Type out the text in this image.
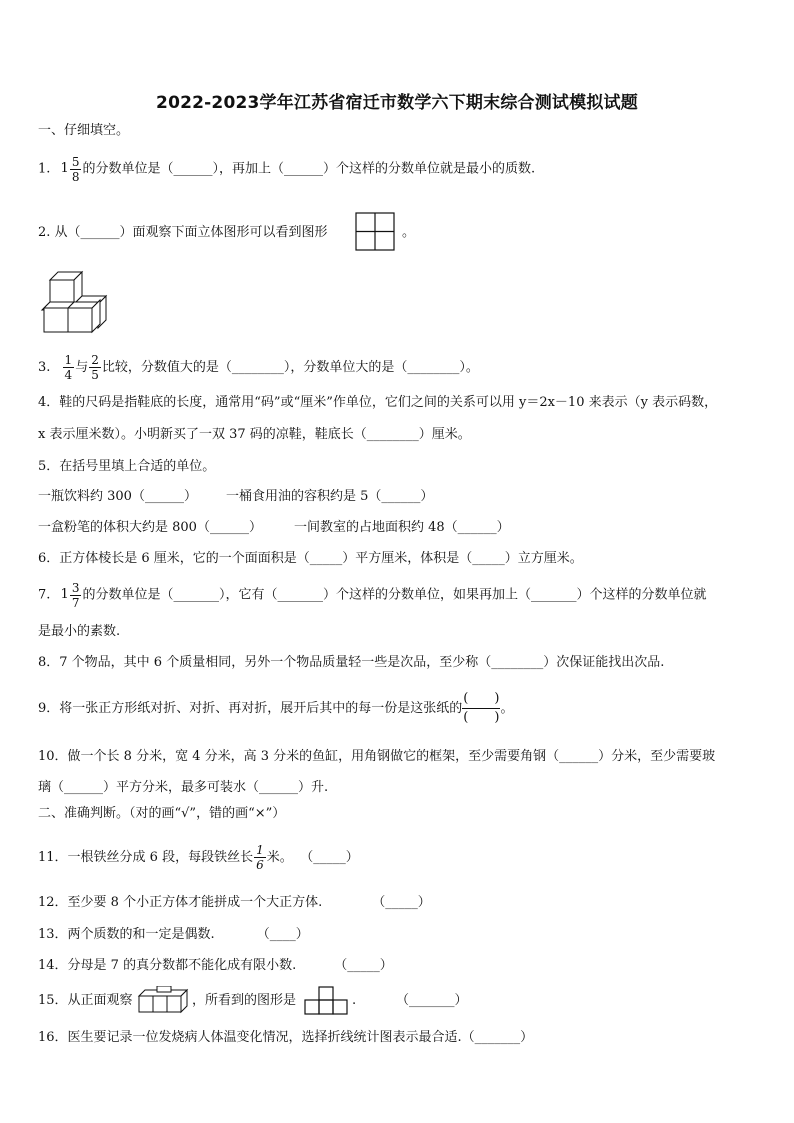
2022-2023学年江苏省宿迁市数学六下期末综合测试模拟试题
一、仔细填空。
1. $1 \frac{5}{8}$ 的分数单位是（______），再加上（______）个这样的分数单位就是最小的质数.
2. 从（______）面观察下面立体图形可以看到图形	。
3. $\frac{1}{4}$ 与 $\frac{2}{5}$ 比较，分数值大的是（________），分数单位大的是（________）。
4．鞋的尺码是指鞋底的长度，通常用“码”或“厘米”作单位，它们之间的关系可以用 y＝2x－10 来表示（y 表示码数，
x 表示厘米数）。小明新买了一双 37 码的凉鞋，鞋底长（________）厘米。
5．在括号里填上合适的单位。
一瓶饮料约 300（______） 一桶食用油的容积约是 5（______）
一盒粉笔的体积大约是 800（______） 一间教室的占地面积约 48（______）
6．正方体棱长是 6 厘米，它的一个面面积是（_____）平方厘米，体积是（_____）立方厘米。
7. $1 \frac{3}{7}$ 的分数单位是（_______），它有（_______）个这样的分数单位，如果再加上（_______）个这样的分数单位就
是最小的素数.
8．7 个物品，其中 6 个质量相同，另外一个物品质量轻一些是次品，至少称（________）次保证能找出次品.
9．将一张正方形纸对折、对折、再对折，展开后其中的每一份是这张纸的 $\frac{( )}{( )}$ 。
10．做一个长 8 分米，宽 4 分米，高 3 分米的鱼缸，用角钢做它的框架，至少需要角钢（______）分米，至少需要玻
璃（______）平方分米，最多可装水（______）升.
二、准确判断。（对的画“√”，错的画“×”）
11．一根铁丝分成 6 段，每段铁丝长 $\frac{1}{6}$ 米。 （_____）
12．至少要 8 个小正方体才能拼成一个大正方体.	（_____）
13．两个质数的和一定是偶数.	（____）
14．分母是 7 的真分数都不能化成有限小数.	（_____）
15．从正面观察	，所看到的图形是	.	（_______）
16．医生要记录一位发烧病人体温变化情况，选择折线统计图表示最合适.（_______）
